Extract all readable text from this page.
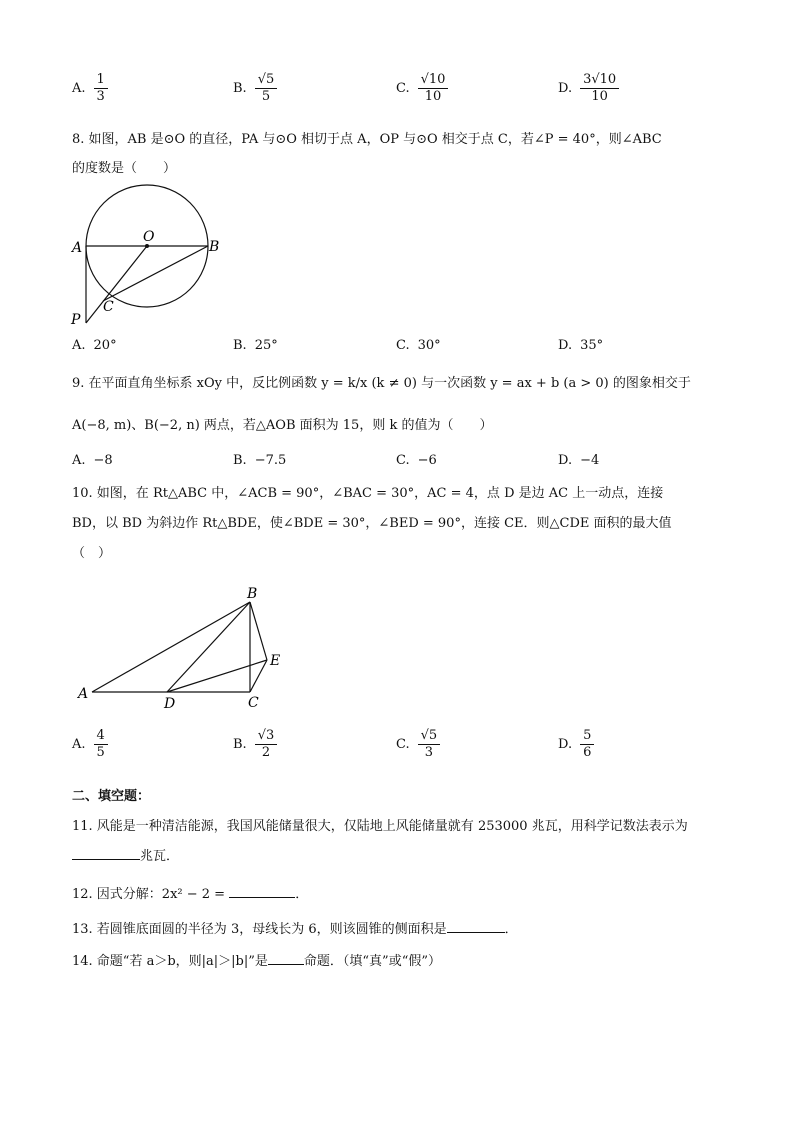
A. $\frac{1}{3}$	B. $\frac{√5}{5}$	C. $\frac{√10}{10}$	D. $\frac{3√10}{10}$
8. 如图，AB 是⊙O 的直径，PA 与⊙O 相切于点 A，OP 与⊙O 相交于点 C，若∠P = 40°，则∠ABC
的度数是（　　）
A
O
B
C
P
A. 20°	B. 25°	C. 30°	D. 35°
9. 在平面直角坐标系 xOy 中，反比例函数 y = k/x (k ≠ 0) 与一次函数 y = ax + b (a > 0) 的图象相交于
A(−8, m)、B(−2, n) 两点，若△AOB 面积为 15，则 k 的值为（　　）
A. −8	B. −7.5	C. −6	D. −4
10. 如图，在 Rt△ABC 中，∠ACB = 90°，∠BAC = 30°，AC = 4，点 D 是边 AC 上一动点，连接
BD，以 BD 为斜边作 Rt△BDE，使∠BDE = 30°，∠BED = 90°，连接 CE．则△CDE 面积的最大值
（　）
A
B
C
D
E
A. $\frac{4}{5}$	B. $\frac{√3}{2}$	C. $\frac{√5}{3}$	D. $\frac{5}{6}$
二、填空题：
11. 风能是一种清洁能源，我国风能储量很大，仅陆地上风能储量就有 253000 兆瓦，用科学记数法表示为
兆瓦．
12. 因式分解：2x² − 2 =	．
13. 若圆锥底面圆的半径为 3，母线长为 6，则该圆锥的侧面积是	．
14. 命题“若 a＞b，则|a|＞|b|”是	命题．（填“真”或“假”）
